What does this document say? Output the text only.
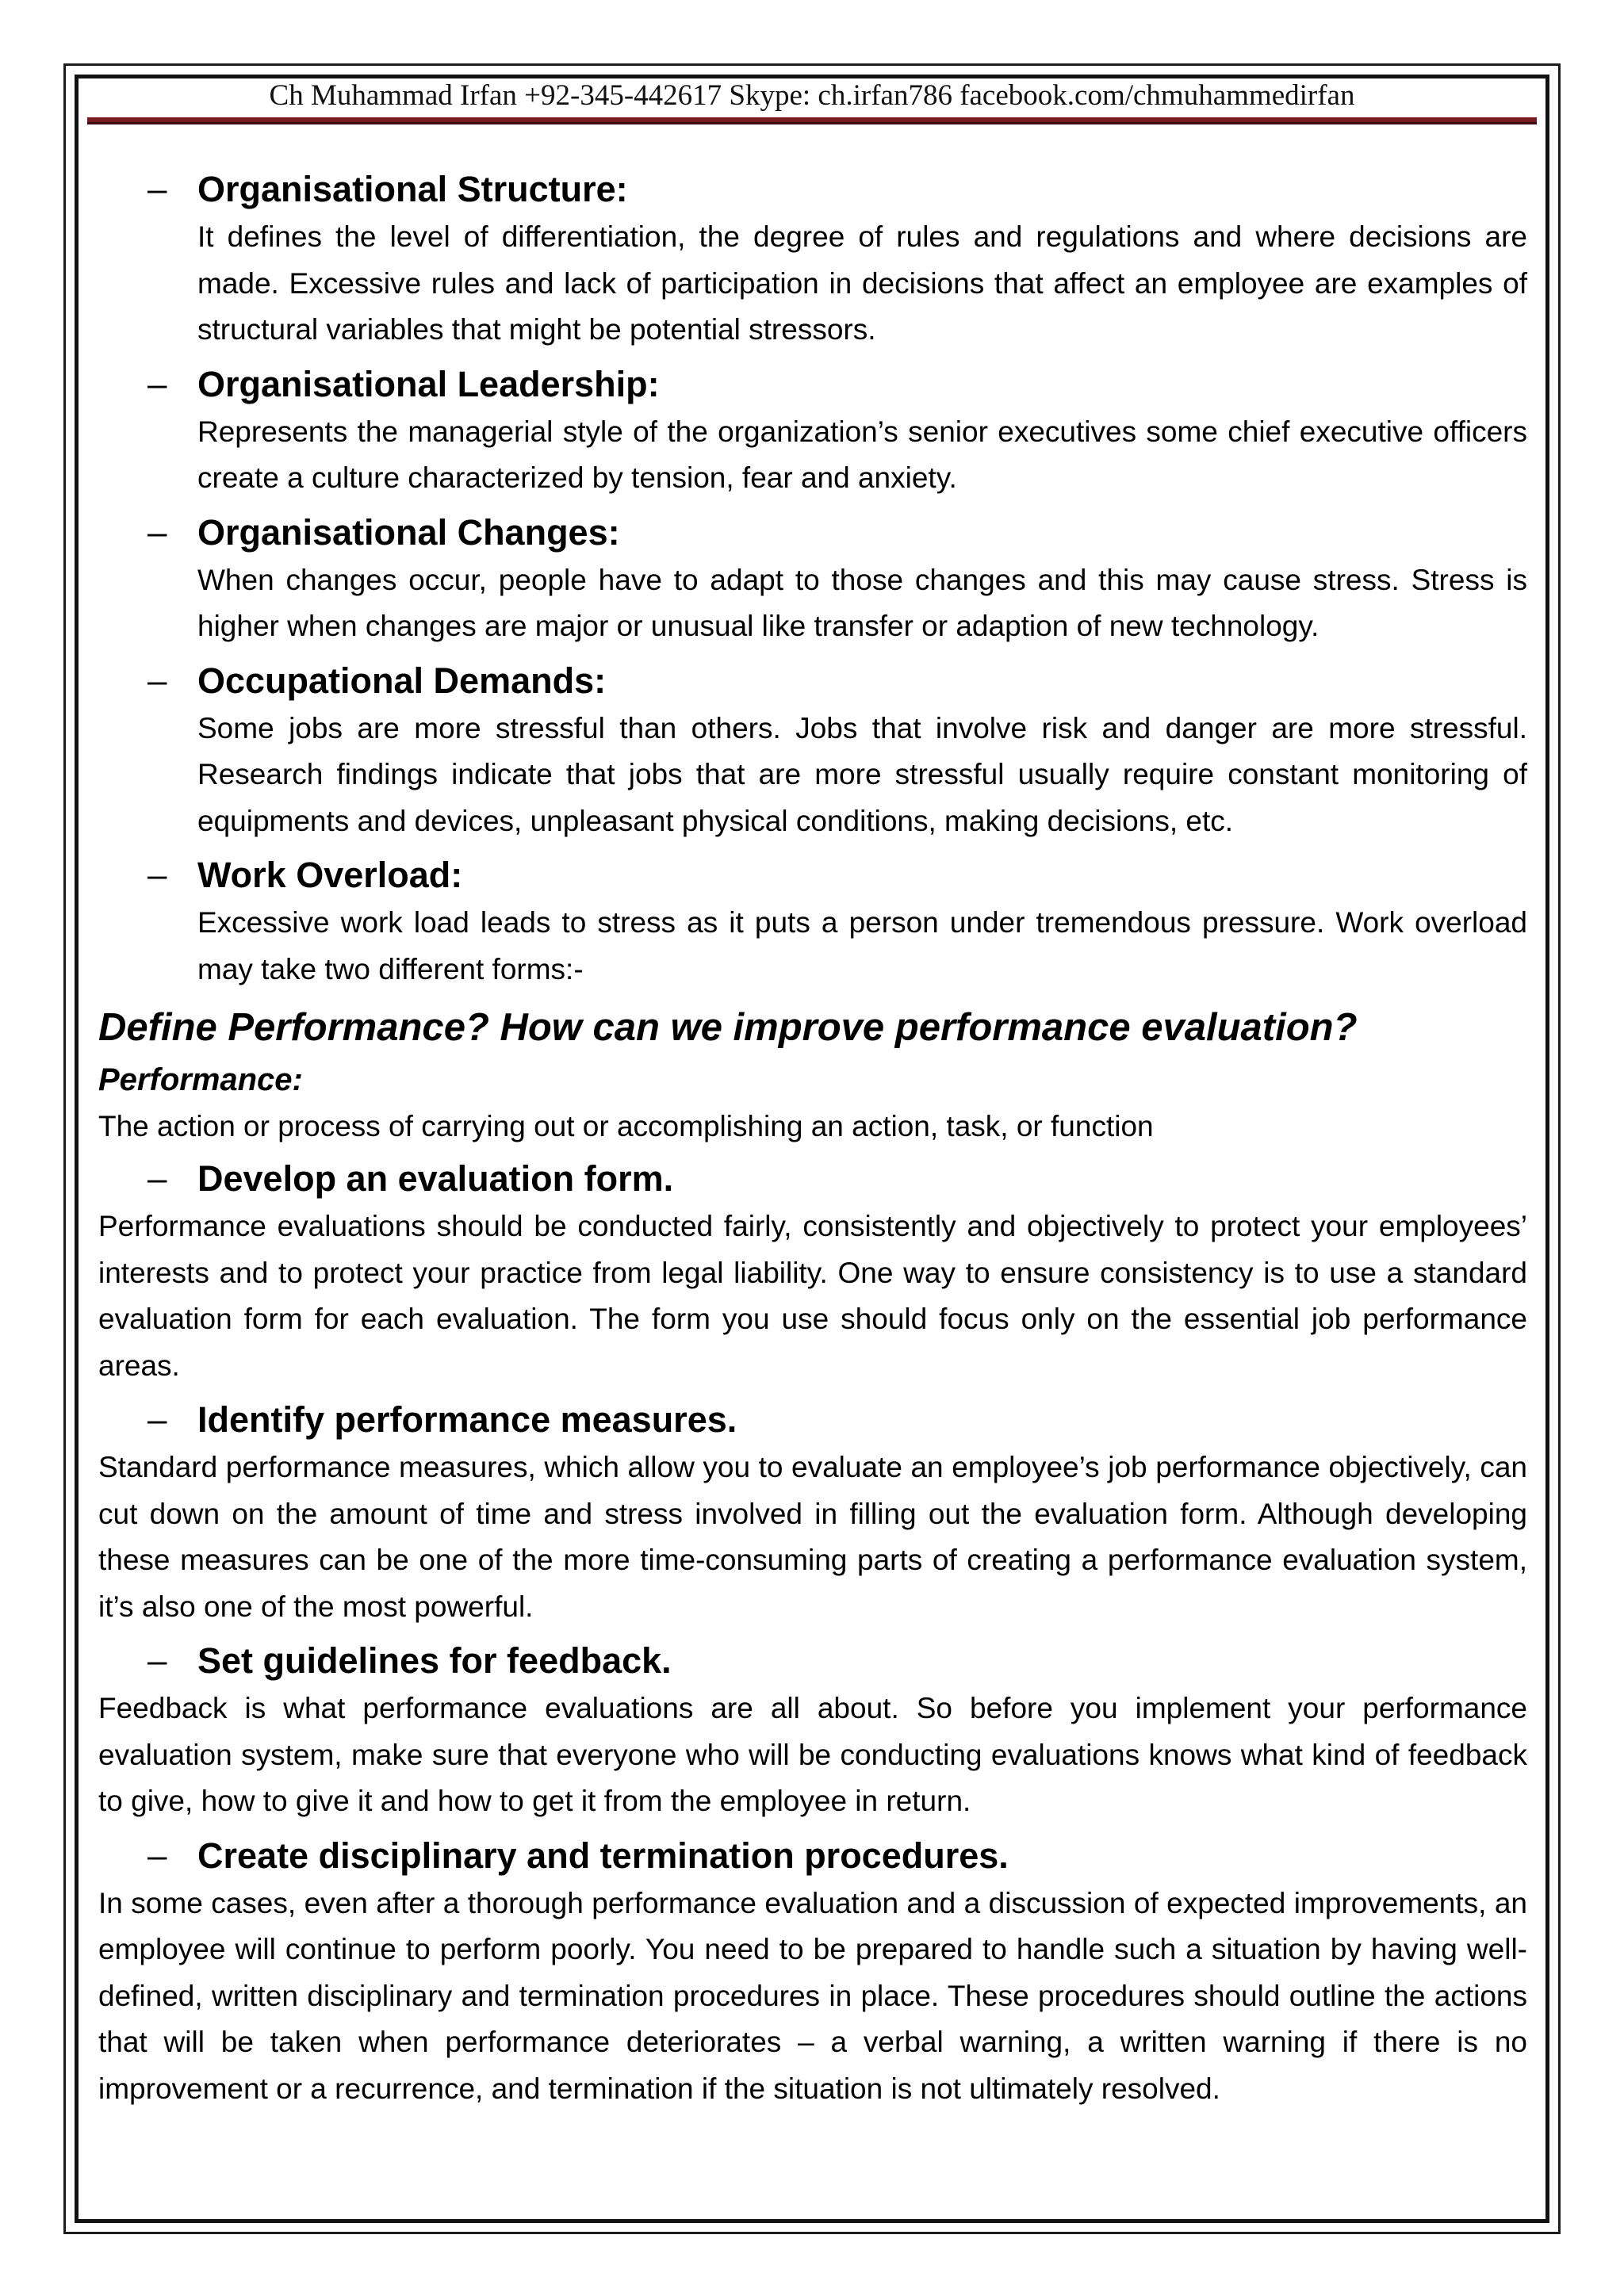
Ch Muhammad Irfan +92-345-442617 Skype: ch.irfan786 facebook.com/chmuhammedirfan
– Organisational Structure:

It defines the level of differentiation, the degree of rules and regulations and where decisions are made. Excessive rules and lack of participation in decisions that affect an employee are examples of structural variables that might be potential stressors.

– Organisational Leadership:

Represents the managerial style of the organization’s senior executives some chief executive officers create a culture characterized by tension, fear and anxiety.

– Organisational Changes:

When changes occur, people have to adapt to those changes and this may cause stress. Stress is higher when changes are major or unusual like transfer or adaption of new technology.

– Occupational Demands:

Some jobs are more stressful than others. Jobs that involve risk and danger are more stressful. Research findings indicate that jobs that are more stressful usually require constant monitoring of equipments and devices, unpleasant physical conditions, making decisions, etc.

– Work Overload:

Excessive work load leads to stress as it puts a person under tremendous pressure. Work overload may take two different forms:-

Define Performance? How can we improve performance evaluation?
Performance:

The action or process of carrying out or accomplishing an action, task, or function

– Develop an evaluation form.

Performance evaluations should be conducted fairly, consistently and objectively to protect your employees’ interests and to protect your practice from legal liability. One way to ensure consistency is to use a standard evaluation form for each evaluation. The form you use should focus only on the essential job performance areas.

– Identify performance measures.

Standard performance measures, which allow you to evaluate an employee’s job performance objectively, can cut down on the amount of time and stress involved in filling out the evaluation form. Although developing these measures can be one of the more time-consuming parts of creating a performance evaluation system, it’s also one of the most powerful.

– Set guidelines for feedback.

Feedback is what performance evaluations are all about. So before you implement your performance evaluation system, make sure that everyone who will be conducting evaluations knows what kind of feedback to give, how to give it and how to get it from the employee in return.

– Create disciplinary and termination procedures.

In some cases, even after a thorough performance evaluation and a discussion of expected improvements, an employee will continue to perform poorly. You need to be prepared to handle such a situation by having well-defined, written disciplinary and termination procedures in place. These procedures should outline the actions that will be taken when performance deteriorates – a verbal warning, a written warning if there is no improvement or a recurrence, and termination if the situation is not ultimately resolved.
